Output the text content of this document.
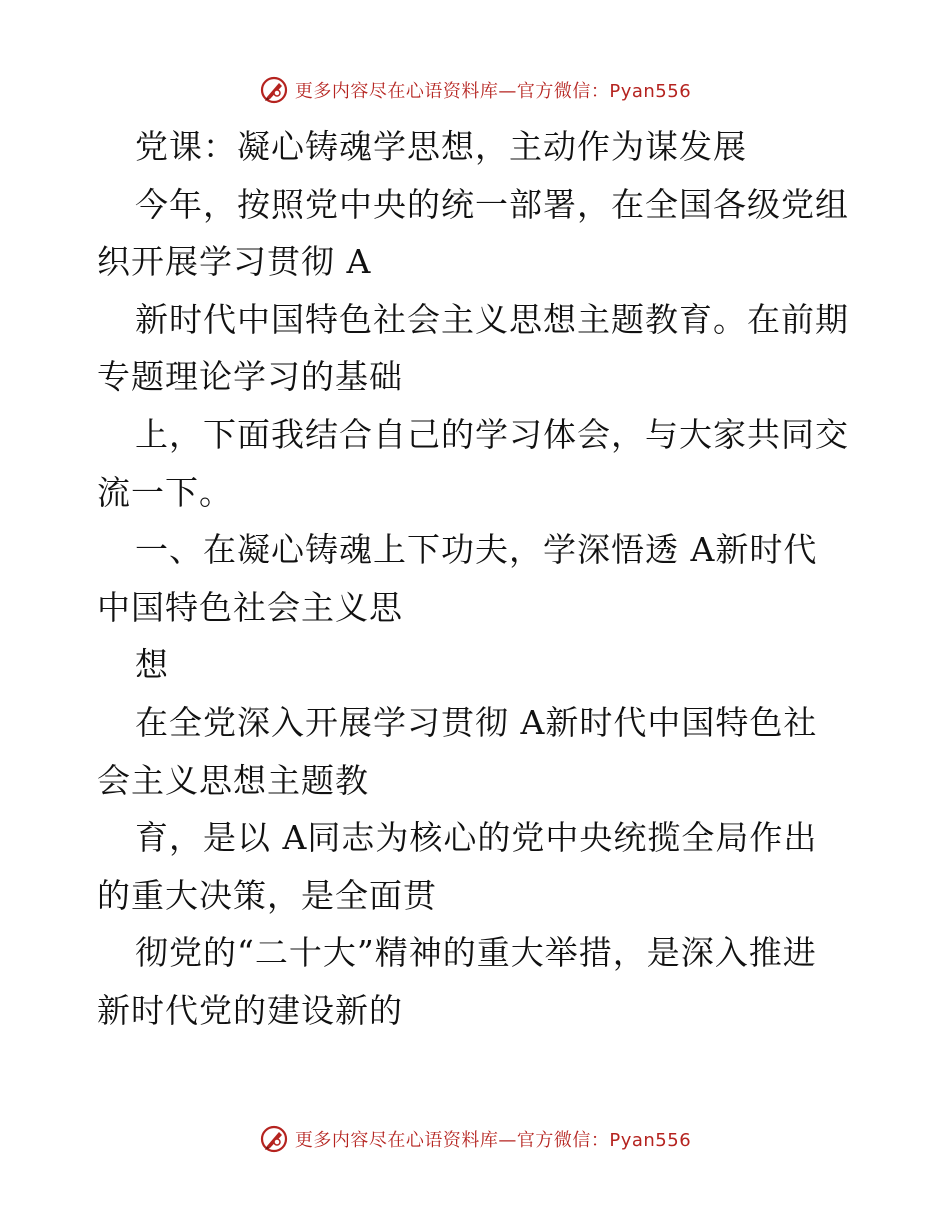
更多内容尽在心语资料库—官方微信：Pyan556
党课：凝心铸魂学思想，主动作为谋发展
今年，按照党中央的统一部署，在全国各级党组
织开展学习贯彻 A
新时代中国特色社会主义思想主题教育。在前期
专题理论学习的基础
上，下面我结合自己的学习体会，与大家共同交
流一下。
一、在凝心铸魂上下功夫，学深悟透 A新时代
中国特色社会主义思
想
在全党深入开展学习贯彻 A新时代中国特色社
会主义思想主题教
育，是以 A同志为核心的党中央统揽全局作出
的重大决策，是全面贯
彻党的“二十大”精神的重大举措，是深入推进
新时代党的建设新的
更多内容尽在心语资料库—官方微信：Pyan556
